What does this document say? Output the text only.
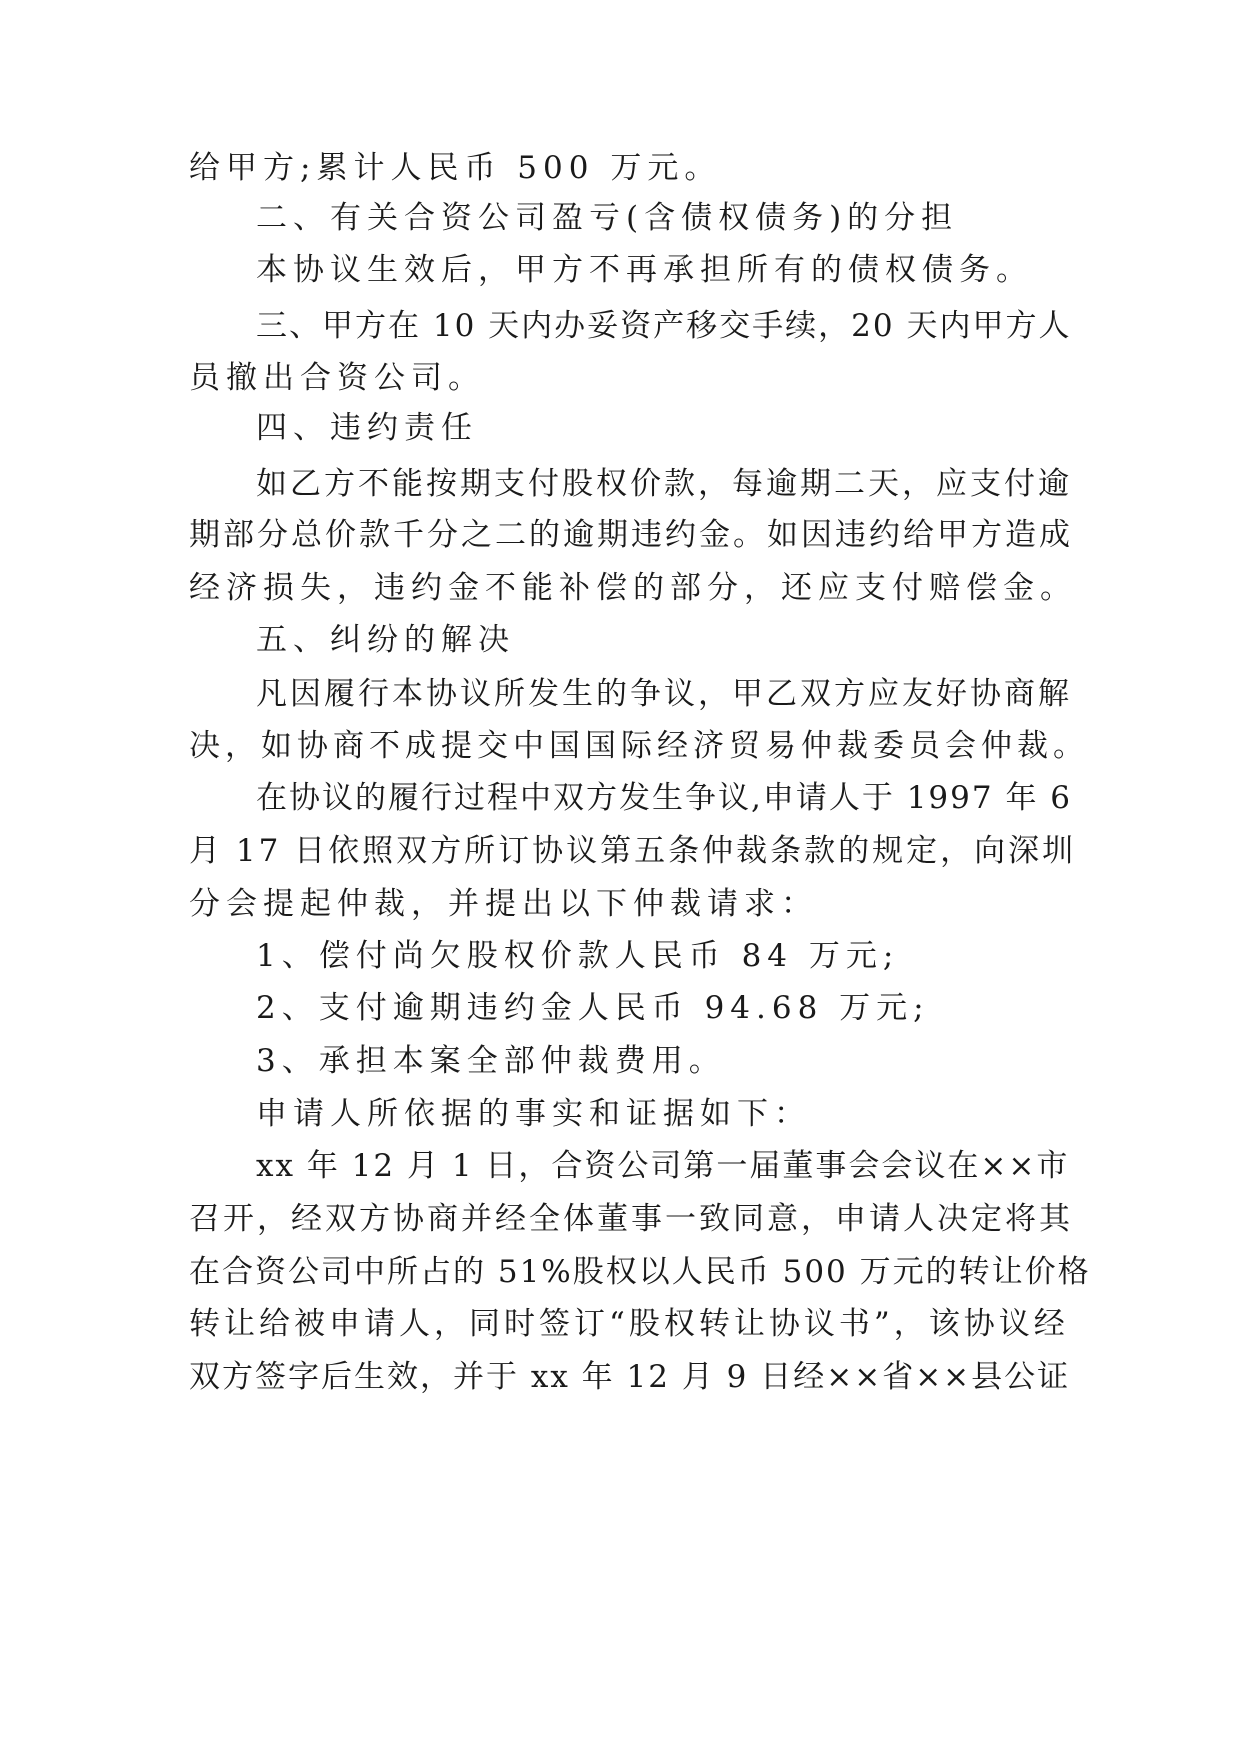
给甲方;累计人民币 500 万元。
二、有关合资公司盈亏(含债权债务)的分担
本协议生效后，甲方不再承担所有的债权债务。
三、甲方在 10 天内办妥资产移交手续，20 天内甲方人
员撤出合资公司。
四、违约责任
如乙方不能按期支付股权价款，每逾期二天，应支付逾
期部分总价款千分之二的逾期违约金。如因违约给甲方造成
经济损失，违约金不能补偿的部分，还应支付赔偿金。
五、纠纷的解决
凡因履行本协议所发生的争议，甲乙双方应友好协商解
决，如协商不成提交中国国际经济贸易仲裁委员会仲裁。
在协议的履行过程中双方发生争议,申请人于 1997 年 6
月 17 日依照双方所订协议第五条仲裁条款的规定，向深圳
分会提起仲裁，并提出以下仲裁请求：
1、偿付尚欠股权价款人民币 84 万元;
2、支付逾期违约金人民币 94.68 万元;
3、承担本案全部仲裁费用。
申请人所依据的事实和证据如下：
xx 年 12 月 1 日，合资公司第一届董事会会议在××市
召开，经双方协商并经全体董事一致同意，申请人决定将其
在合资公司中所占的 51%股权以人民币 500 万元的转让价格
转让给被申请人，同时签订“股权转让协议书”，该协议经
双方签字后生效，并于 xx 年 12 月 9 日经××省××县公证
